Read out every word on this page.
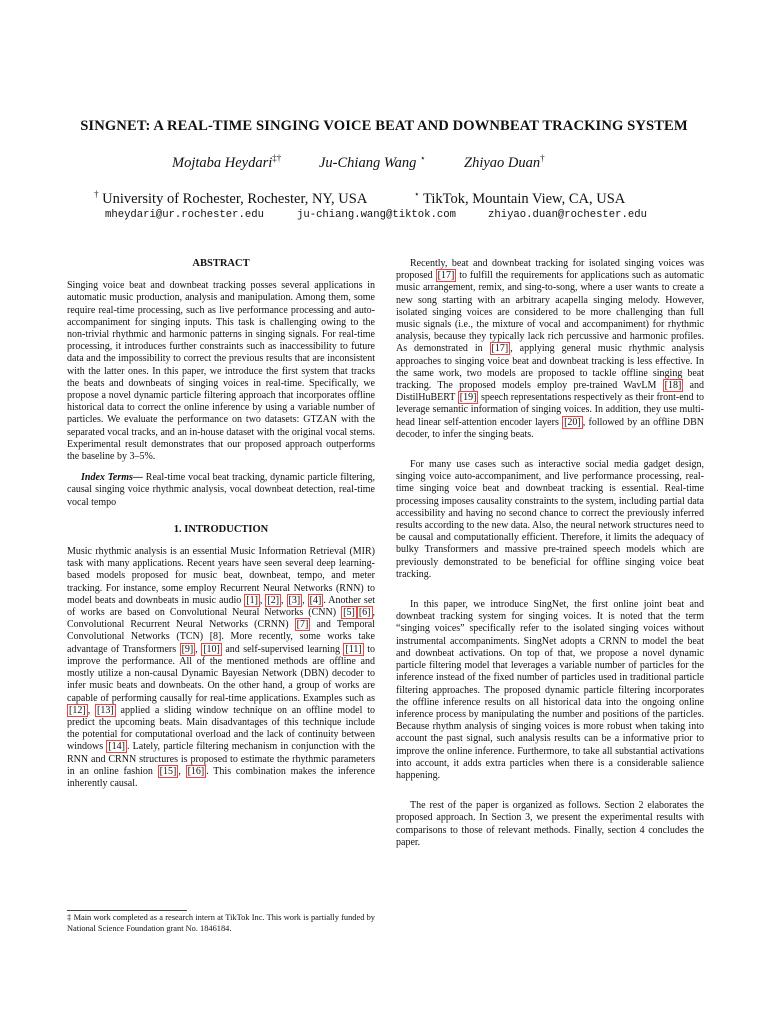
SINGNET: A REAL-TIME SINGING VOICE BEAT AND DOWNBEAT TRACKING SYSTEM
Mojtaba Heydari‡†	Ju-Chiang Wang ⋆	Zhiyao Duan†
† University of Rochester, Rochester, NY, USA	⋆ TikTok, Mountain View, CA, USA
mheydari@ur.rochester.edu	ju-chiang.wang@tiktok.com	zhiyao.duan@rochester.edu
ABSTRACT

Singing voice beat and downbeat tracking posses several applications in automatic music production, analysis and manipulation. Among them, some require real-time processing, such as live performance processing and auto-accompaniment for singing inputs. This task is challenging owing to the non-trivial rhythmic and harmonic patterns in singing signals. For real-time processing, it introduces further constraints such as inaccessibility to future data and the impossibility to correct the previous results that are inconsistent with the latter ones. In this paper, we introduce the first system that tracks the beats and downbeats of singing voices in real-time. Specifically, we propose a novel dynamic particle filtering approach that incorporates offline historical data to correct the online inference by using a variable number of particles. We evaluate the performance on two datasets: GTZAN with the separated vocal tracks, and an in-house dataset with the original vocal stems. Experimental result demonstrates that our proposed approach outperforms the baseline by 3–5%.

Index Terms— Real-time vocal beat tracking, dynamic particle filtering, causal singing voice rhythmic analysis, vocal downbeat detection, real-time vocal tempo

1. INTRODUCTION

Music rhythmic analysis is an essential Music Information Retrieval (MIR) task with many applications. Recent years have seen several deep learning-based models proposed for music beat, downbeat, tempo, and meter tracking. For instance, some employ Recurrent Neural Networks (RNN) to model beats and downbeats in music audio [1] , [2] , [3] , [4] . Another set of works are based on Convolutional Neural Networks (CNN) [5] [6] , Convolutional Recurrent Neural Networks (CRNN) [7] and Temporal Convolutional Networks (TCN) [8]. More recently, some works take advantage of Transformers [9] , [10] and self-supervised learning [11] to improve the performance. All of the mentioned methods are offline and mostly utilize a non-causal Dynamic Bayesian Network (DBN) decoder to infer music beats and downbeats. On the other hand, a group of works are capable of performing causally for real-time applications. Examples such as [12] , [13] applied a sliding window technique on an offline model to predict the upcoming beats. Main disadvantages of this technique include the potential for computational overload and the lack of continuity between windows [14] . Lately, particle filtering mechanism in conjunction with the RNN and CRNN structures is proposed to estimate the rhythmic parameters in an online fashion [15] , [16] . This combination makes the inference inherently causal.

Recently, beat and downbeat tracking for isolated singing voices was proposed [17] to fulfill the requirements for applications such as automatic music arrangement, remix, and sing-to-song, where a user wants to create a new song starting with an arbitrary acapella singing melody. However, isolated singing voices are considered to be more challenging than full music signals (i.e., the mixture of vocal and accompaniment) for rhythmic analysis, because they typically lack rich percussive and harmonic profiles. As demonstrated in [17] , applying general music rhythmic analysis approaches to singing voice beat and downbeat tracking is less effective. In the same work, two models are proposed to tackle offline singing beat tracking. The proposed models employ pre-trained WavLM [18] and DistilHuBERT [19] speech representations respectively as their front-end to leverage semantic information of singing voices. In addition, they use multi-head linear self-attention encoder layers [20] , followed by an offline DBN decoder, to infer the singing beats.

For many use cases such as interactive social media gadget design, singing voice auto-accompaniment, and live performance processing, real-time singing voice beat and downbeat tracking is essential. Real-time processing imposes causality constraints to the system, including partial data accessibility and having no second chance to correct the previously inferred results according to the new data. Also, the neural network structures need to be causal and computationally efficient. Therefore, it limits the adequacy of bulky Transformers and massive pre-trained speech models which are previously demonstrated to be beneficial for offline singing voice beat tracking.

In this paper, we introduce SingNet, the first online joint beat and downbeat tracking system for singing voices. It is noted that the term “singing voices” specifically refer to the isolated singing voices without instrumental accompaniments. SingNet adopts a CRNN to model the beat and downbeat activations. On top of that, we propose a novel dynamic particle filtering model that leverages a variable number of particles for the inference instead of the fixed number of particles used in traditional particle filtering approaches. The proposed dynamic particle filtering incorporates the offline inference results on all historical data into the ongoing online inference process by manipulating the number and positions of the particles. Because rhythm analysis of singing voices is more robust when taking into account the past signal, such analysis results can be a informative prior to improve the online inference. Furthermore, to take all substantial activations into account, it adds extra particles when there is a considerable salience happening.

The rest of the paper is organized as follows. Section 2 elaborates the proposed approach. In Section 3, we present the experimental results with comparisons to those of relevant methods. Finally, section 4 concludes the paper.

‡ Main work completed as a research intern at TikTok Inc. This work is partially funded by National Science Foundation grant No. 1846184.
